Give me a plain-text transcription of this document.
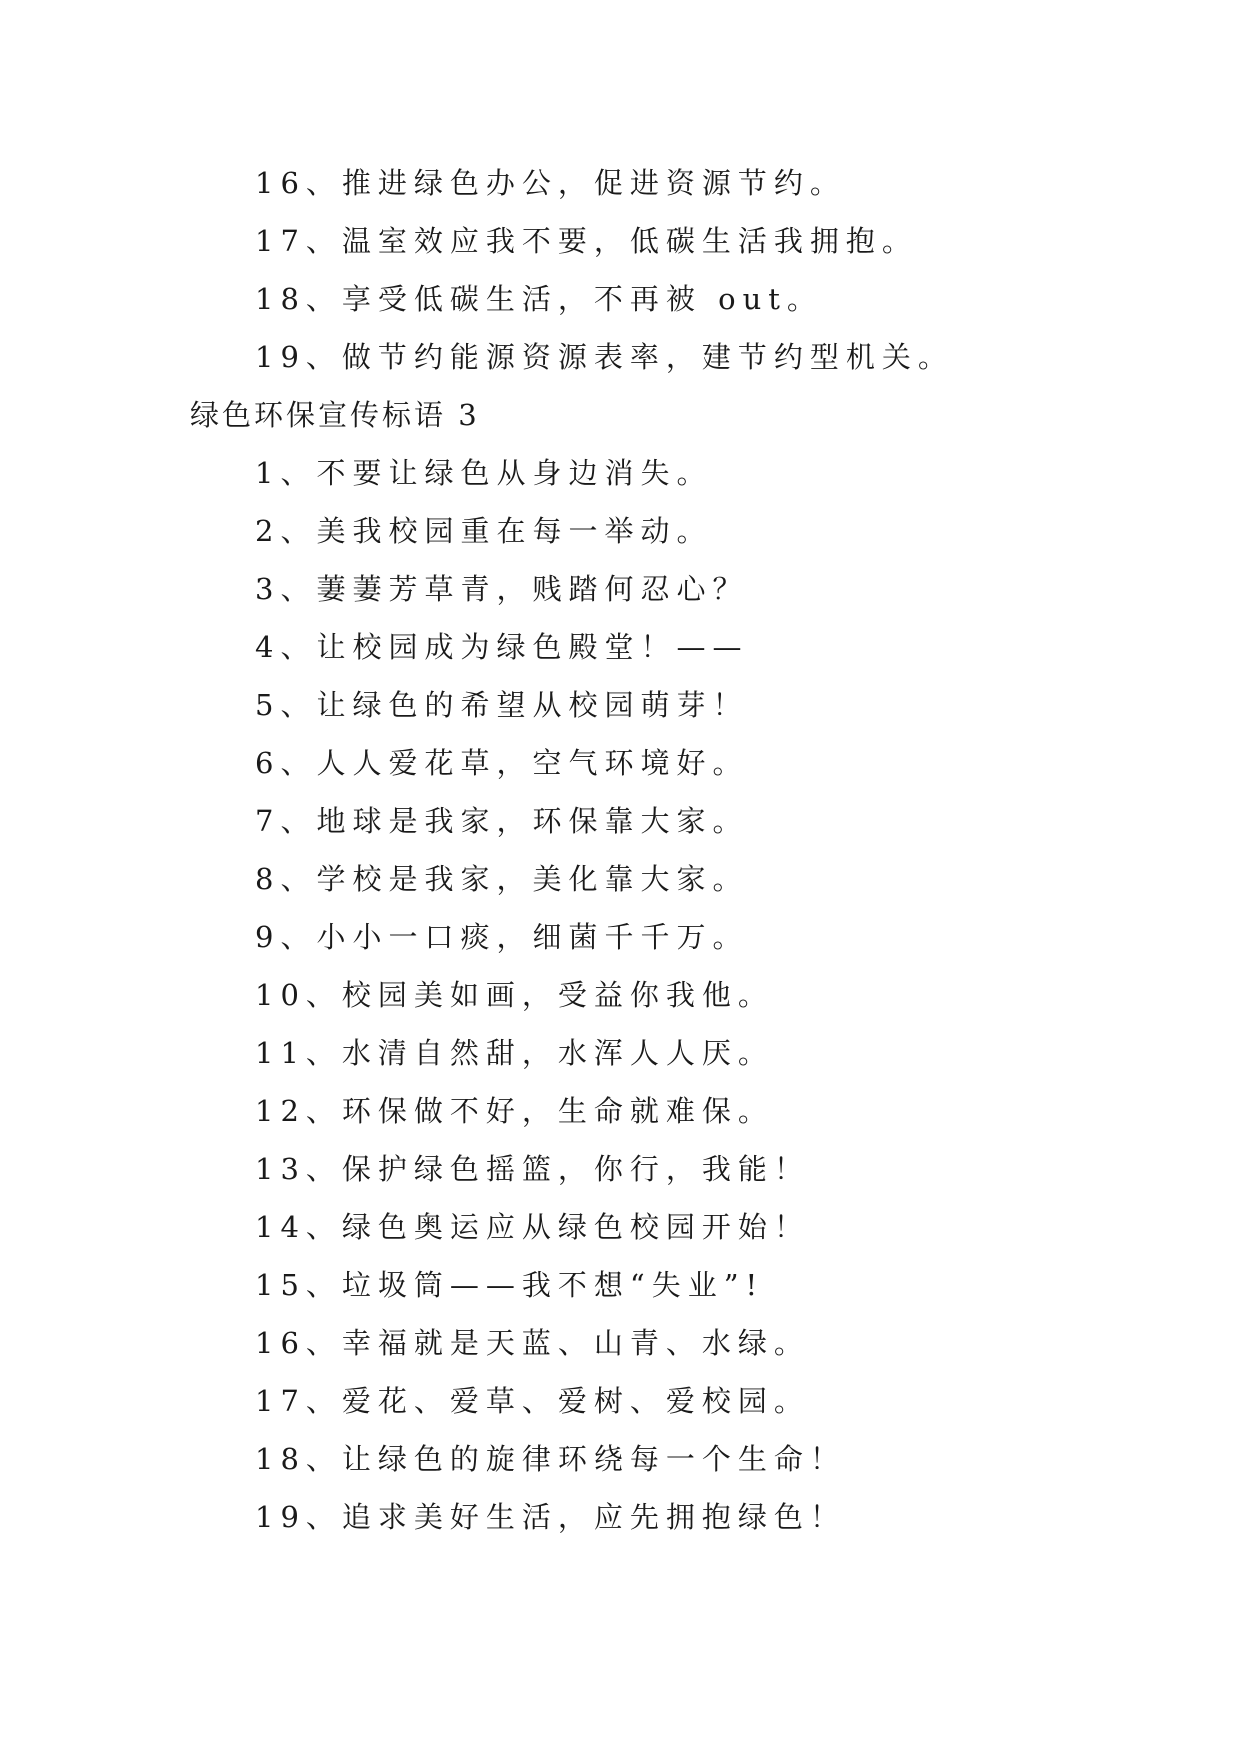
16、推进绿色办公，促进资源节约。
17、温室效应我不要，低碳生活我拥抱。
18、享受低碳生活，不再被 out。
19、做节约能源资源表率，建节约型机关。
绿色环保宣传标语 3
1、不要让绿色从身边消失。
2、美我校园重在每一举动。
3、萋萋芳草青，贱踏何忍心？
4、让校园成为绿色殿堂！——
5、让绿色的希望从校园萌芽！
6、人人爱花草，空气环境好。
7、地球是我家，环保靠大家。
8、学校是我家，美化靠大家。
9、小小一口痰，细菌千千万。
10、校园美如画，受益你我他。
11、水清自然甜，水浑人人厌。
12、环保做不好，生命就难保。
13、保护绿色摇篮，你行，我能！
14、绿色奥运应从绿色校园开始！
15、垃圾筒——我不想“失业”!
16、幸福就是天蓝、山青、水绿。
17、爱花、爱草、爱树、爱校园。
18、让绿色的旋律环绕每一个生命！
19、追求美好生活，应先拥抱绿色！
